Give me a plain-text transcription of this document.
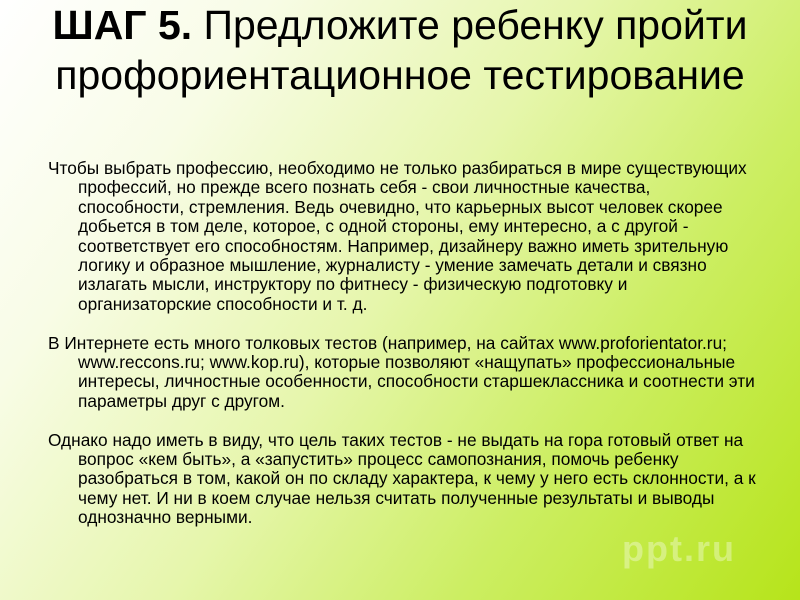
ШАГ 5. Предложите ребенку пройти профориентационное тестирование

Чтобы выбрать профессию, необходимо не только разбираться в мире существующих профессий, но прежде всего познать себя - свои личностные качества, способности, стремления. Ведь очевидно, что карьерных высот человек скорее добьется в том деле, которое, с одной стороны, ему интересно, а с другой - соответствует его способностям. Например, дизайнеру важно иметь зрительную логику и образное мышление, журналисту - умение замечать детали и связно излагать мысли, инструктору по фитнесу - физическую подготовку и организаторские способности и т. д.

В Интернете есть много толковых тестов (например, на сайтах www.proforientator.ru; www.reccons.ru; www.kop.ru), которые позволяют «нащупать» профессиональные интересы, личностные особенности, способности старшеклассника и соотнести эти параметры друг с другом.

Однако надо иметь в виду, что цель таких тестов - не выдать на гора готовый ответ на вопрос «кем быть», а «запустить» процесс самопознания, помочь ребенку разобраться в том, какой он по складу характера, к чему у него есть склонности, а к чему нет. И ни в коем случае нельзя считать полученные результаты и выводы однозначно верными.

ppt.ru
